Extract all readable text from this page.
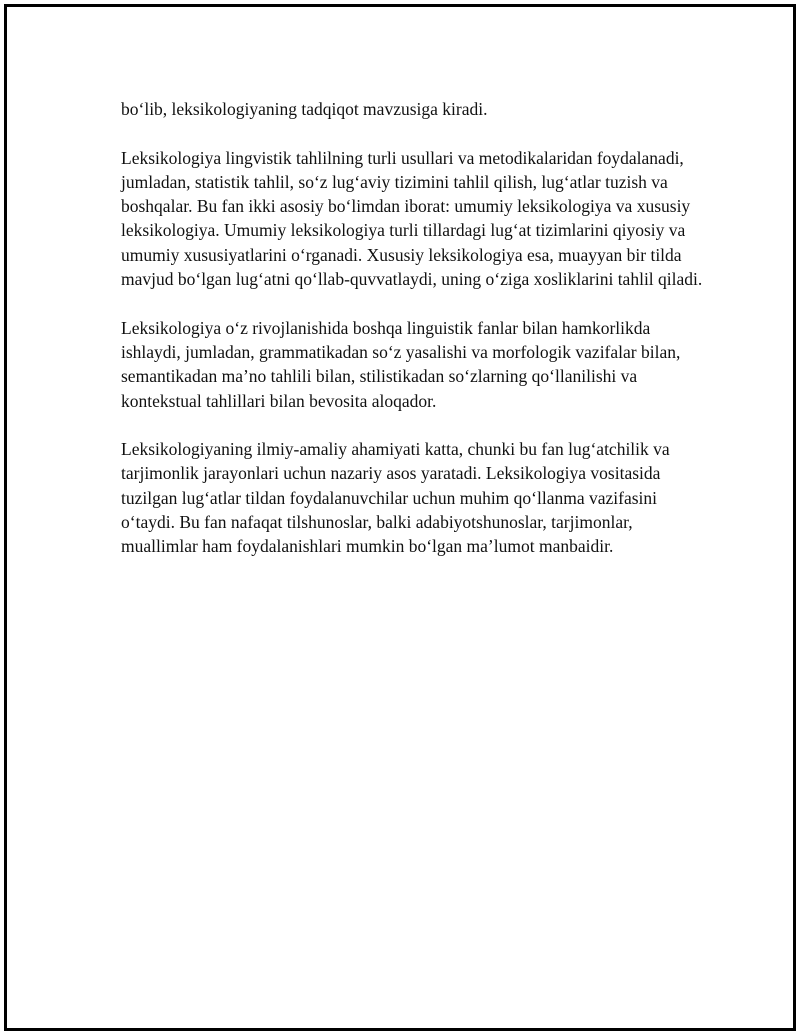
bo‘lib, leksikologiyaning tadqiqot mavzusiga kiradi.

Leksikologiya lingvistik tahlilning turli usullari va metodikalaridan foydalanadi, jumladan, statistik tahlil, so‘z lug‘aviy tizimini tahlil qilish, lug‘atlar tuzish va boshqalar. Bu fan ikki asosiy bo‘limdan iborat: umumiy leksikologiya va xususiy leksikologiya. Umumiy leksikologiya turli tillardagi lug‘at tizimlarini qiyosiy va umumiy xususiyatlarini o‘rganadi. Xususiy leksikologiya esa, muayyan bir tilda mavjud bo‘lgan lug‘atni qo‘llab-quvvatlaydi, uning o‘ziga xosliklarini tahlil qiladi.

Leksikologiya o‘z rivojlanishida boshqa linguistik fanlar bilan hamkorlikda ishlaydi, jumladan, grammatikadan so‘z yasalishi va morfologik vazifalar bilan, semantikadan ma’no tahlili bilan, stilistikadan so‘zlarning qo‘llanilishi va kontekstual tahlillari bilan bevosita aloqador.

Leksikologiyaning ilmiy-amaliy ahamiyati katta, chunki bu fan lug‘atchilik va tarjimonlik jarayonlari uchun nazariy asos yaratadi. Leksikologiya vositasida tuzilgan lug‘atlar tildan foydalanuvchilar uchun muhim qo‘llanma vazifasini o‘taydi. Bu fan nafaqat tilshunoslar, balki adabiyotshunoslar, tarjimonlar, muallimlar ham foydalanishlari mumkin bo‘lgan ma’lumot manbaidir.
